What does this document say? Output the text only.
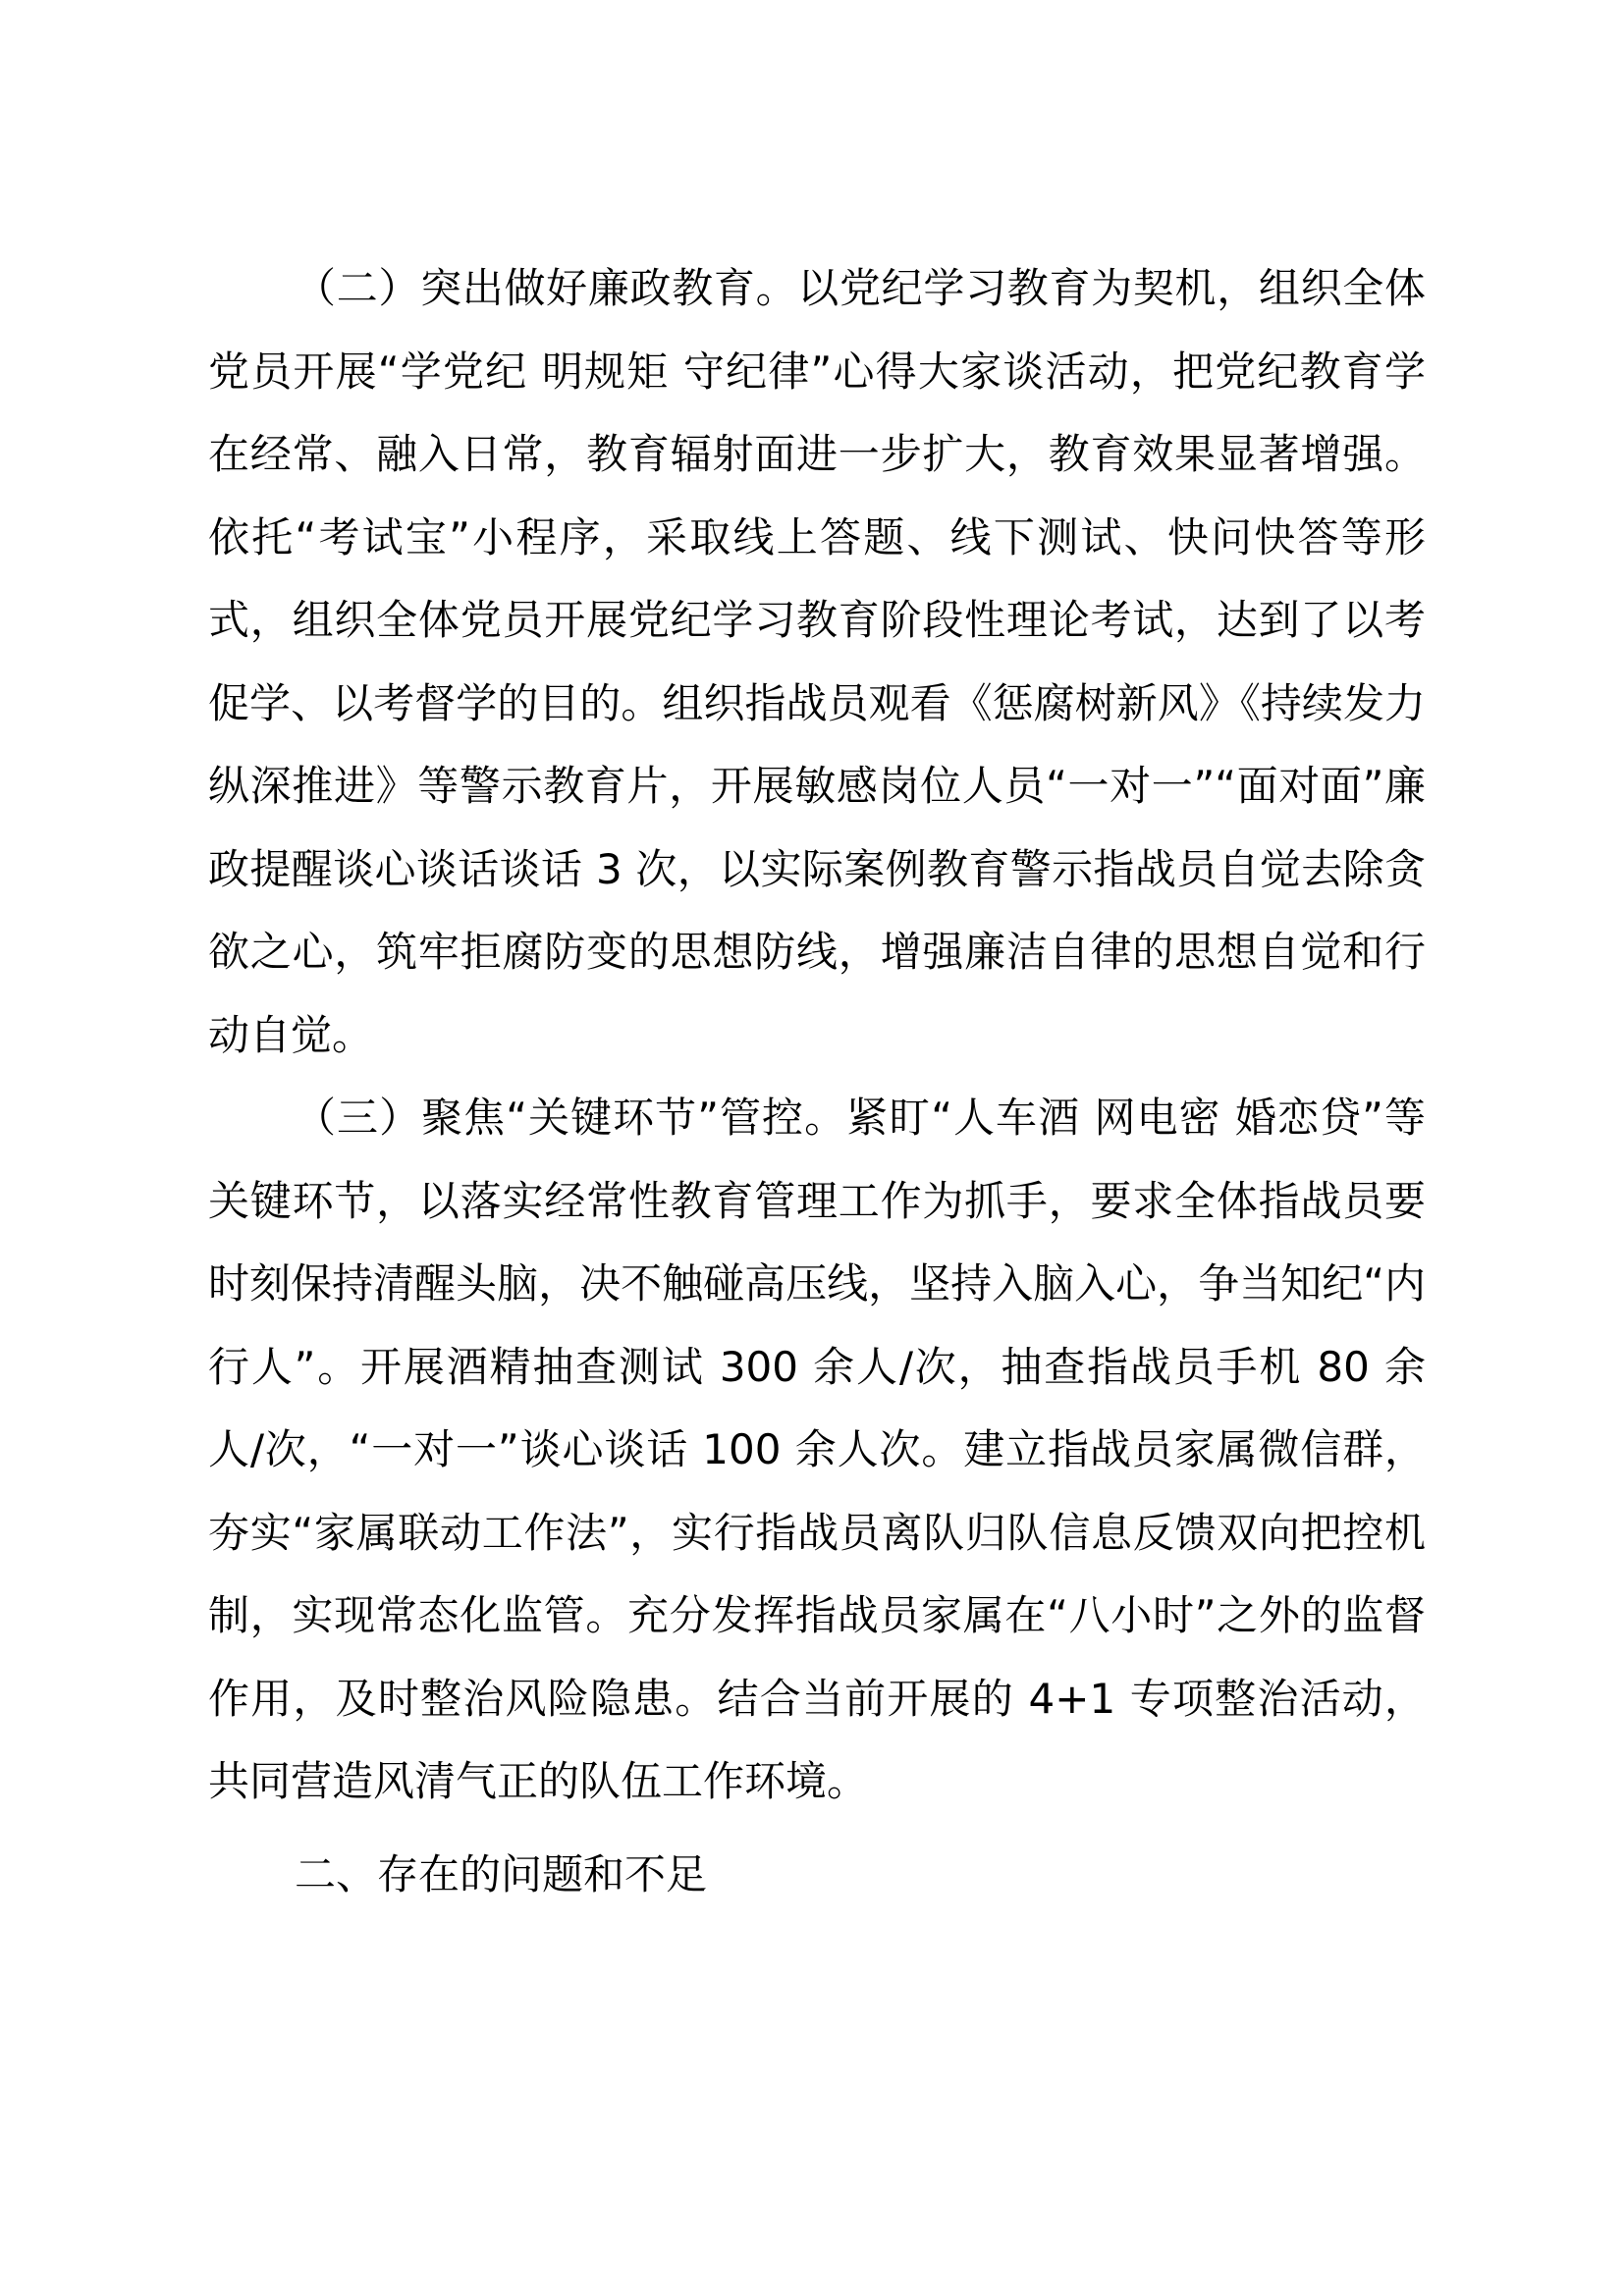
（二）突出做好廉政教育。以党纪学习教育为契机，组织全体党员开展“学党纪 明规矩 守纪律”心得大家谈活动，把党纪教育学在经常、融入日常，教育辐射面进一步扩大，教育效果显著增强。依托“考试宝”小程序，采取线上答题、线下测试、快问快答等形式，组织全体党员开展党纪学习教育阶段性理论考试，达到了以考促学、以考督学的目的。组织指战员观看《惩腐树新风》《持续发力 纵深推进》等警示教育片，开展敏感岗位人员“一对一”“面对面”廉政提醒谈心谈话谈话 3 次，以实际案例教育警示指战员自觉去除贪欲之心，筑牢拒腐防变的思想防线，增强廉洁自律的思想自觉和行动自觉。

（三）聚焦“关键环节”管控。紧盯“人车酒 网电密 婚恋贷”等关键环节，以落实经常性教育管理工作为抓手，要求全体指战员要时刻保持清醒头脑，决不触碰高压线，坚持入脑入心，争当知纪“内行人”。开展酒精抽查测试 300 余人/次，抽查指战员手机 80 余人/次，“一对一”谈心谈话 100 余人次。建立指战员家属微信群，夯实“家属联动工作法”，实行指战员离队归队信息反馈双向把控机制，实现常态化监管。充分发挥指战员家属在“八小时”之外的监督作用，及时整治风险隐患。结合当前开展的 4+1 专项整治活动，共同营造风清气正的队伍工作环境。

二、存在的问题和不足
